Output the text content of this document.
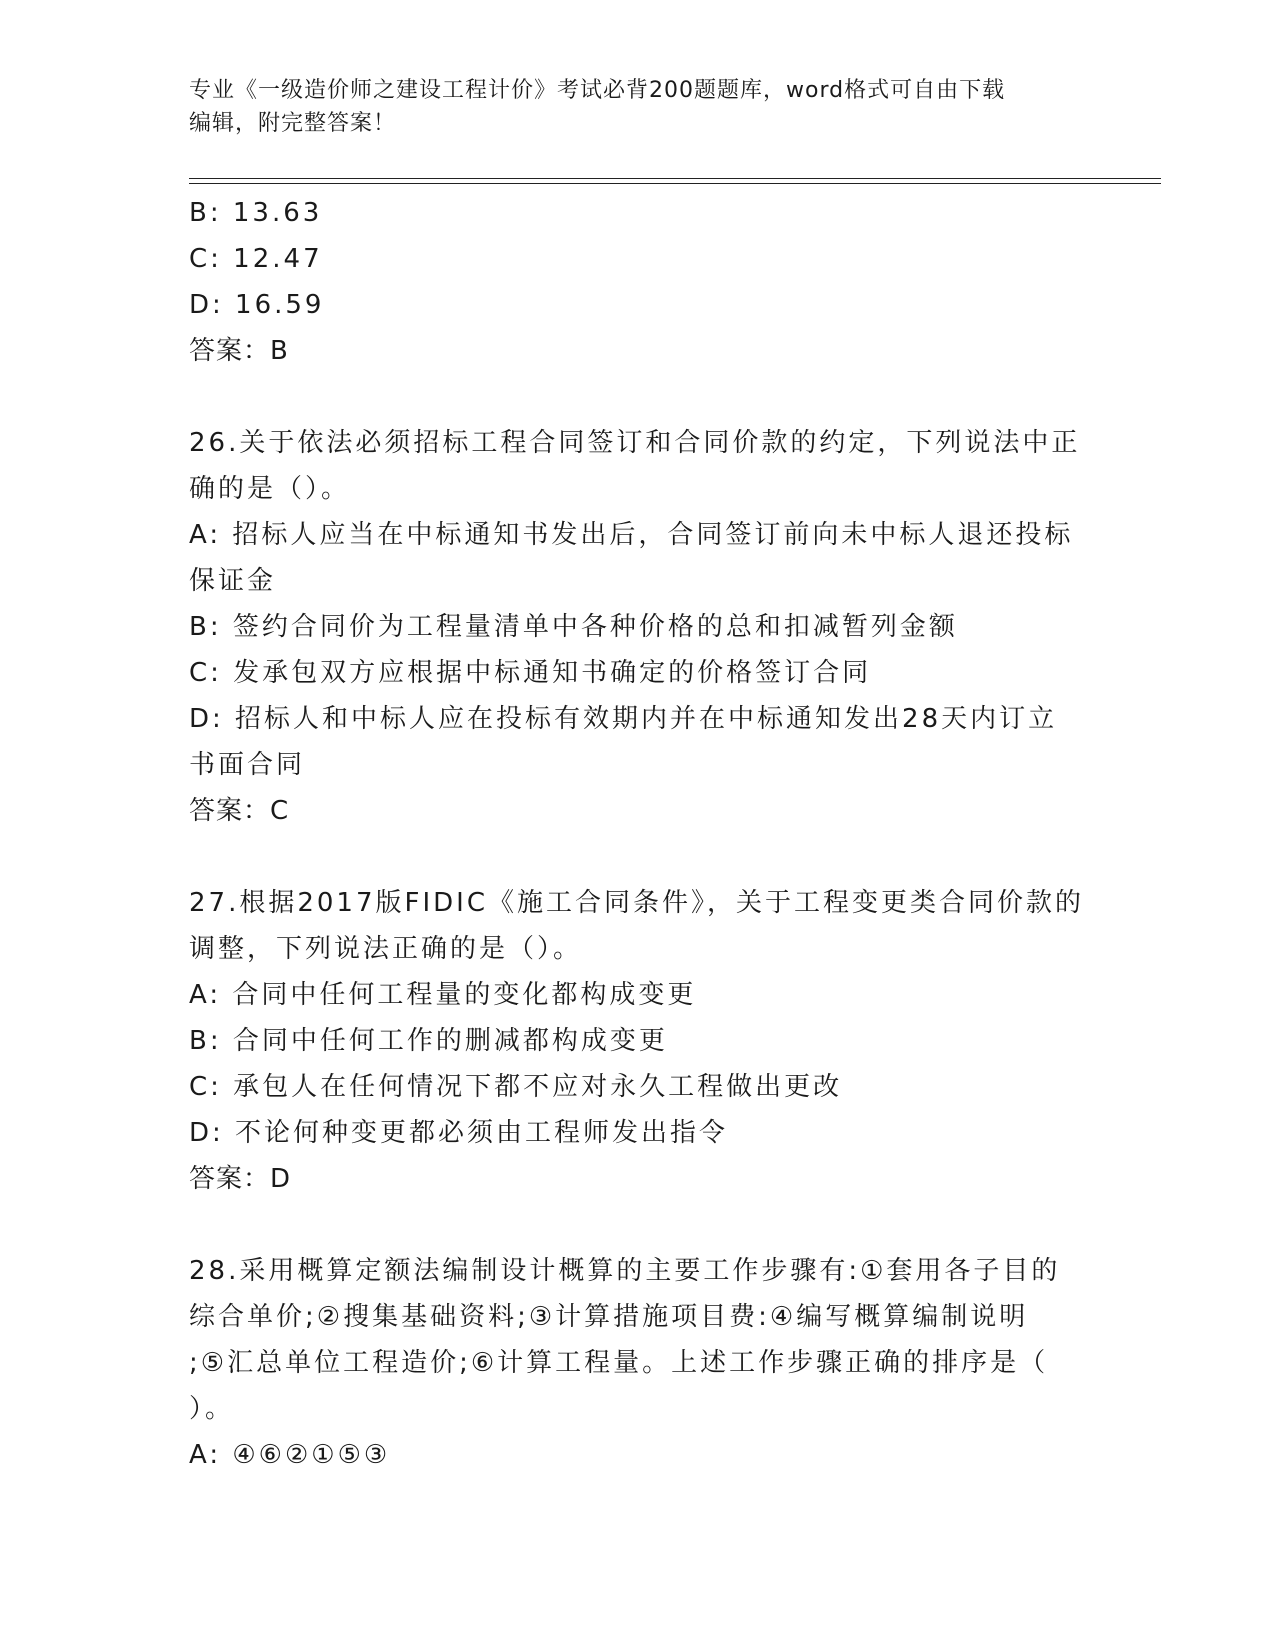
专业《一级造价师之建设工程计价》考试必背200题题库，word格式可自由下载
编辑，附完整答案！
B: 13.63
C: 12.47
D: 16.59
答案：B
26.关于依法必须招标工程合同签订和合同价款的约定，下列说法中正
确的是（）。
A: 招标人应当在中标通知书发出后，合同签订前向未中标人退还投标
保证金
B: 签约合同价为工程量清单中各种价格的总和扣减暂列金额
C: 发承包双方应根据中标通知书确定的价格签订合同
D: 招标人和中标人应在投标有效期内并在中标通知发出28天内订立
书面合同
答案：C
27.根据2017版FIDIC《施工合同条件》，关于工程变更类合同价款的
调整，下列说法正确的是（）。
A: 合同中任何工程量的变化都构成变更
B: 合同中任何工作的删减都构成变更
C: 承包人在任何情况下都不应对永久工程做出更改
D: 不论何种变更都必须由工程师发出指令
答案：D
28.采用概算定额法编制设计概算的主要工作步骤有:①套用各子目的
综合单价;②搜集基础资料;③计算措施项目费:④编写概算编制说明
;⑤汇总单位工程造价;⑥计算工程量。上述工作步骤正确的排序是（
）。
A: ④⑥②①⑤③
